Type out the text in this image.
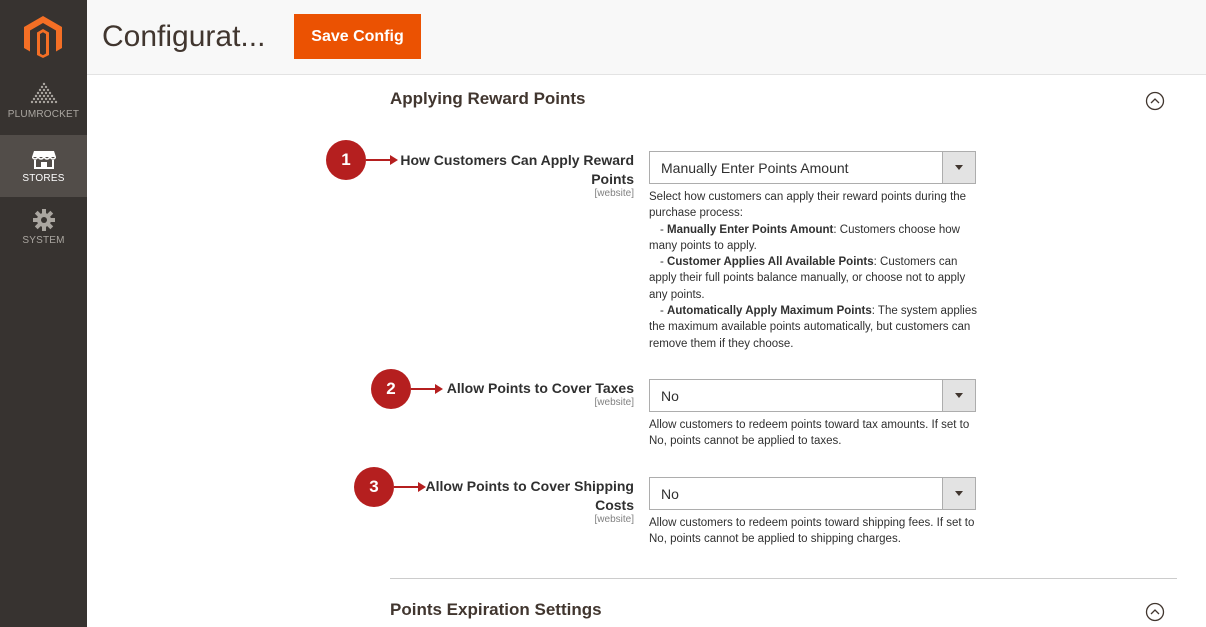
PLUMROCKET
STORES
SYSTEM
Configurat...	Save Config
Applying Reward Points
1	How Customers Can Apply Reward
Points
[website]
Manually Enter Points Amount
Select how customers can apply their reward points during the purchase process:
- Manually Enter Points Amount: Customers choose how many points to apply.
- Customer Applies All Available Points: Customers can apply their full points balance manually, or choose not to apply any points.
- Automatically Apply Maximum Points: The system applies the maximum available points automatically, but customers can remove them if they choose.
2	Allow Points to Cover Taxes
[website] No
Allow customers to redeem points toward tax amounts. If set to No, points cannot be applied to taxes.
3	Allow Points to Cover Shipping
Costs
[website]
No
Allow customers to redeem points toward shipping fees. If set to No, points cannot be applied to shipping charges.
Points Expiration Settings
